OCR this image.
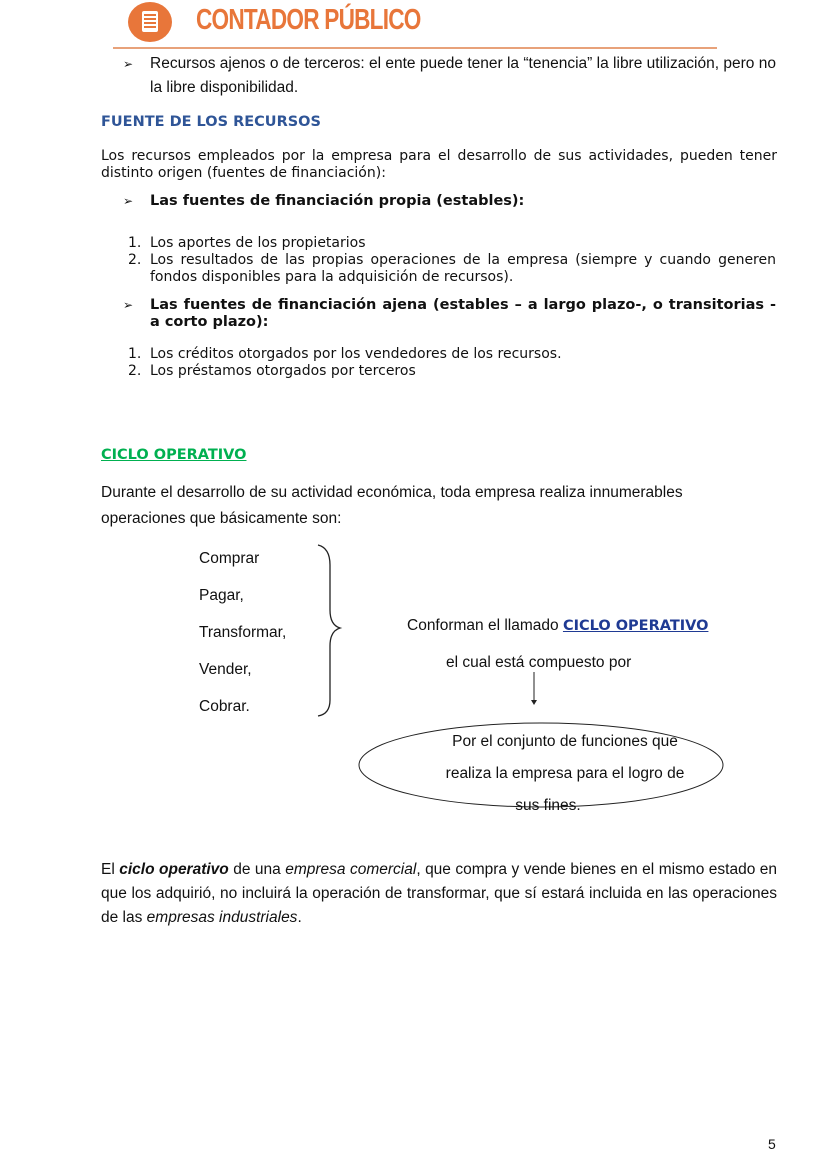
CONTADOR PÚBLICO
➢ Recursos ajenos o de terceros: el ente puede tener la “tenencia” la libre utilización, pero no la libre disponibilidad.
FUENTE DE LOS RECURSOS
Los recursos empleados por la empresa para el desarrollo de sus actividades, pueden tener distinto origen (fuentes de financiación):
➢ Las fuentes de financiación propia (estables):
1. Los aportes de los propietarios
2. Los resultados de las propias operaciones de la empresa (siempre y cuando generen fondos disponibles para la adquisición de recursos).
➢ Las fuentes de financiación ajena (estables – a largo plazo-, o transitorias - a corto plazo):
1. Los créditos otorgados por los vendedores de los recursos.
2. Los préstamos otorgados por terceros
CICLO OPERATIVO
Durante el desarrollo de su actividad económica, toda empresa realiza innumerables operaciones que básicamente son:
Comprar
Pagar,
Transformar,
Vender,
Cobrar.
Conforman el llamado CICLO OPERATIVO
el cual está compuesto por
Por el conjunto de funciones que
realiza la empresa para el logro de
sus fines.
El ciclo operativo de una empresa comercial, que compra y vende bienes en el mismo estado en que los adquirió, no incluirá la operación de transformar, que sí estará incluida en las operaciones de las empresas industriales.
5
